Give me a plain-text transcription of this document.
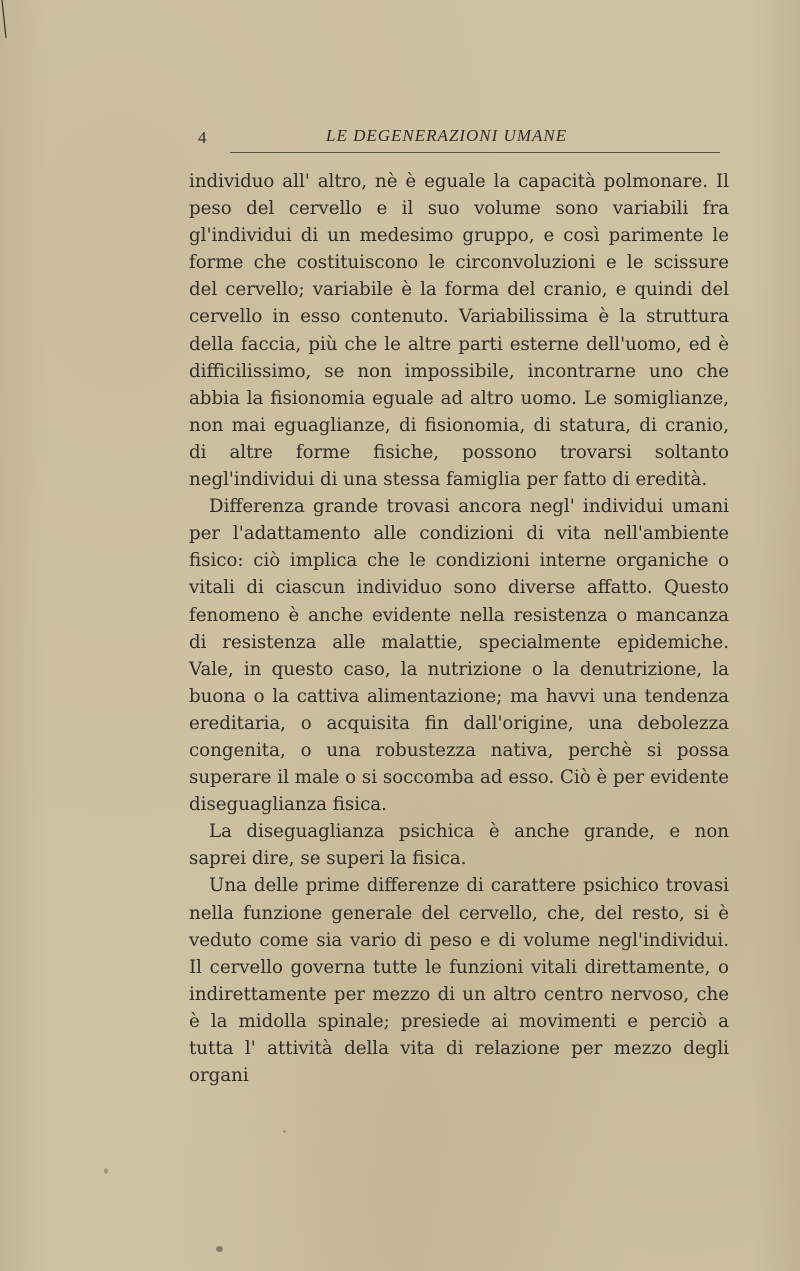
4	LE DEGENERAZIONI UMANE

individuo all' altro, nè è eguale la capacità polmonare. Il peso del cervello e il suo volume sono variabili fra gl'individui di un medesimo gruppo, e così parimente le forme che costituiscono le circonvoluzioni e le scissure del cervello; variabile è la forma del cranio, e quindi del cervello in esso contenuto. Variabilissima è la struttura della faccia, più che le altre parti esterne dell'uomo, ed è difficilissimo, se non impossibile, incontrarne uno che abbia la fisionomia eguale ad altro uomo. Le somiglianze, non mai eguaglianze, di fisionomia, di statura, di cranio, di altre forme fisiche, possono trovarsi soltanto negl'individui di una stessa famiglia per fatto di eredità.

Differenza grande trovasi ancora negl' individui umani per l'adattamento alle condizioni di vita nell'ambiente fisico: ciò implica che le condizioni interne organiche o vitali di ciascun individuo sono diverse affatto. Questo fenomeno è anche evidente nella resistenza o mancanza di resistenza alle malattie, specialmente epidemiche. Vale, in questo caso, la nutrizione o la denutrizione, la buona o la cattiva alimentazione; ma havvi una tendenza ereditaria, o acquisita fin dall'origine, una debolezza congenita, o una robustezza nativa, perchè si possa superare il male o si soccomba ad esso. Ciò è per evidente diseguaglianza fisica.

La diseguaglianza psichica è anche grande, e non saprei dire, se superi la fisica.

Una delle prime differenze di carattere psichico trovasi nella funzione generale del cervello, che, del resto, si è veduto come sia vario di peso e di volume negl'individui. Il cervello governa tutte le funzioni vitali direttamente, o indirettamente per mezzo di un altro centro nervoso, che è la midolla spinale; presiede ai movimenti e perciò a tutta l' attività della vita di relazione per mezzo degli organi
